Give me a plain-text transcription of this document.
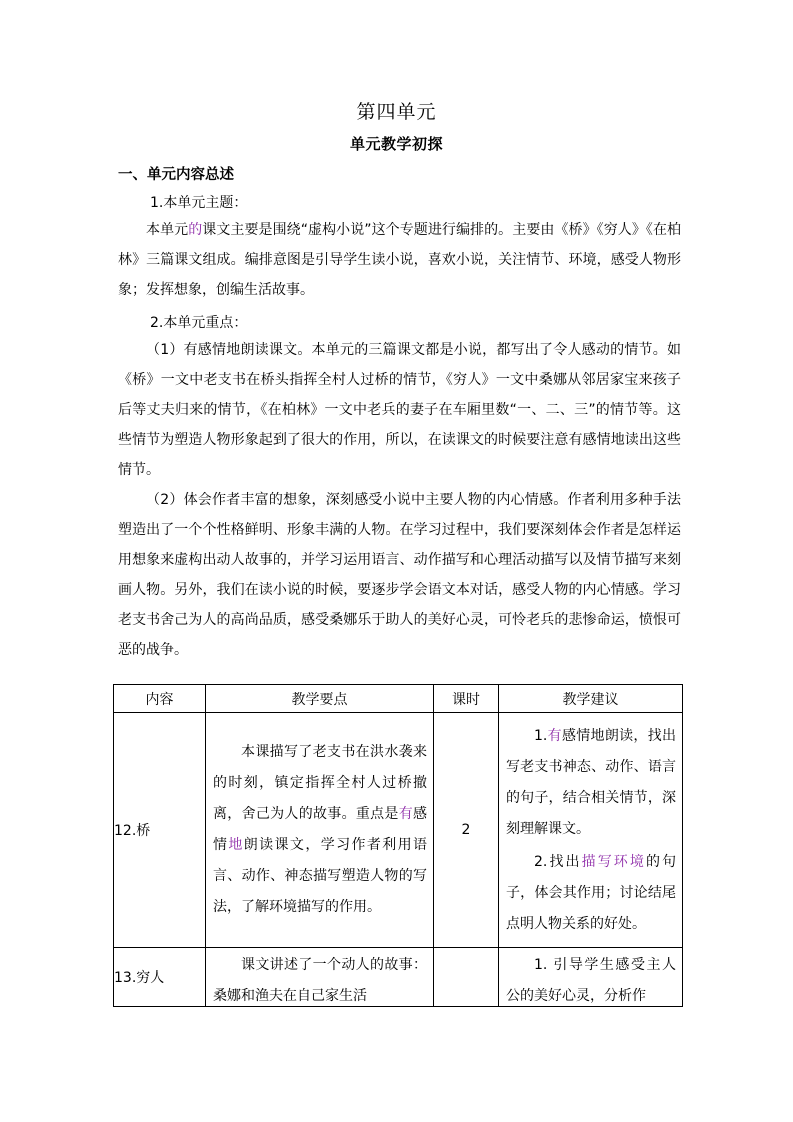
第四单元
单元教学初探
一、单元内容总述
1.本单元主题：

本单元的课文主要是围绕“虚构小说”这个专题进行编排的。主要由《桥》《穷人》《在柏林》三篇课文组成。编排意图是引导学生读小说，喜欢小说，关注情节、环境，感受人物形象；发挥想象，创编生活故事。

2.本单元重点：

（1）有感情地朗读课文。本单元的三篇课文都是小说，都写出了令人感动的情节。如《桥》一文中老支书在桥头指挥全村人过桥的情节，《穷人》一文中桑娜从邻居家宝来孩子后等丈夫归来的情节，《在柏林》一文中老兵的妻子在车厢里数“一、二、三”的情节等。这些情节为塑造人物形象起到了很大的作用，所以，在读课文的时候要注意有感情地读出这些情节。

（2）体会作者丰富的想象，深刻感受小说中主要人物的内心情感。作者利用多种手法塑造出了一个个性格鲜明、形象丰满的人物。在学习过程中，我们要深刻体会作者是怎样运用想象来虚构出动人故事的，并学习运用语言、动作描写和心理活动描写以及情节描写来刻画人物。另外，我们在读小说的时候，要逐步学会语文本对话，感受人物的内心情感。学习老支书舍己为人的高尚品质，感受桑娜乐于助人的美好心灵，可怜老兵的悲惨命运，愤恨可恶的战争。

内容	教学要点	课时	教学建议
12.桥	本课描写了老支书在洪水袭来的时刻，镇定指挥全村人过桥撤离，舍己为人的故事。重点是有感情地朗读课文，学习作者利用语言、动作、神态描写塑造人物的写法，了解环境描写的作用。	2	1.有感情地朗读，找出写老支书神态、动作、语言的句子，结合相关情节，深刻理解课文。
2.找出描写环境的句子，体会其作用；讨论结尾点明人物关系的好处。

13.穷人	课文讲述了一个动人的故事：桑娜和渔夫在自己家生活		1. 引导学生感受主人公的美好心灵，分析作
